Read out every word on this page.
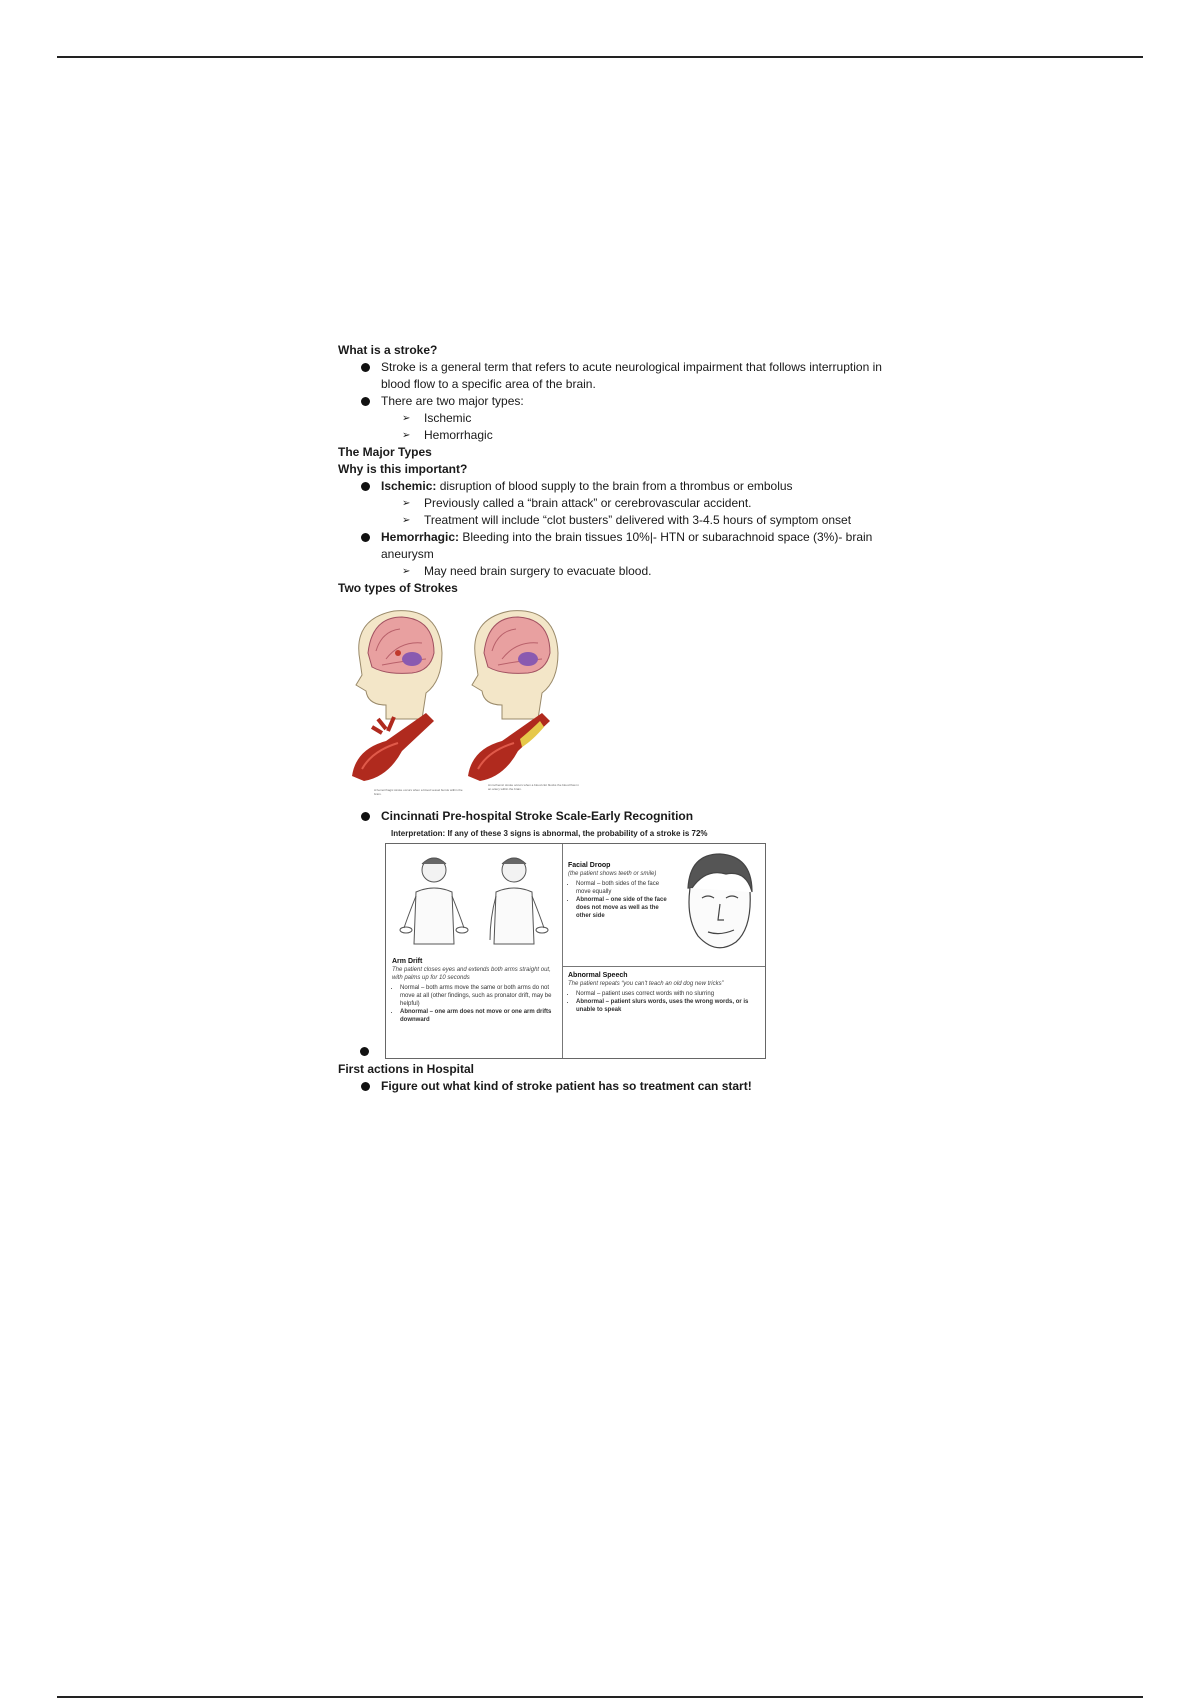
What is a stroke?
Stroke is a general term that refers to acute neurological impairment that follows interruption in blood flow to a specific area of the brain.
There are two major types:
➢ Ischemic
➢ Hemorrhagic
The Major Types
Why is this important?
Ischemic: disruption of blood supply to the brain from a thrombus or embolus
➢ Previously called a “brain attack” or cerebrovascular accident.
➢ Treatment will include “clot busters” delivered with 3-4.5 hours of symptom onset
Hemorrhagic: Bleeding into the brain tissues 10%|- HTN or subarachnoid space (3%)- brain aneurysm
➢ May need brain surgery to evacuate blood.
Two types of Strokes
A hemorrhagic stroke occurs when a blood vessel bursts within the brain.
An ischemic stroke occurs when a blood clot blocks the blood flow in an artery within the brain.
Cincinnati Pre-hospital Stroke Scale-Early Recognition
Interpretation: If any of these 3 signs is abnormal, the probability of a stroke is 72%
Arm Drift
The patient closes eyes and extends both arms straight out, with palms up for 10 seconds
• Normal – both arms move the same or both arms do not move at all (other findings, such as pronator drift, may be helpful)
• Abnormal – one arm does not move or one arm drifts downward
Facial Droop
(the patient shows teeth or smile)
• Normal – both sides of the face move equally
• Abnormal – one side of the face does not move as well as the other side
Abnormal Speech
The patient repeats “you can't teach an old dog new tricks”
• Normal – patient uses correct words with no slurring
• Abnormal – patient slurs words, uses the wrong words, or is unable to speak
First actions in Hospital
Figure out what kind of stroke patient has so treatment can start!
